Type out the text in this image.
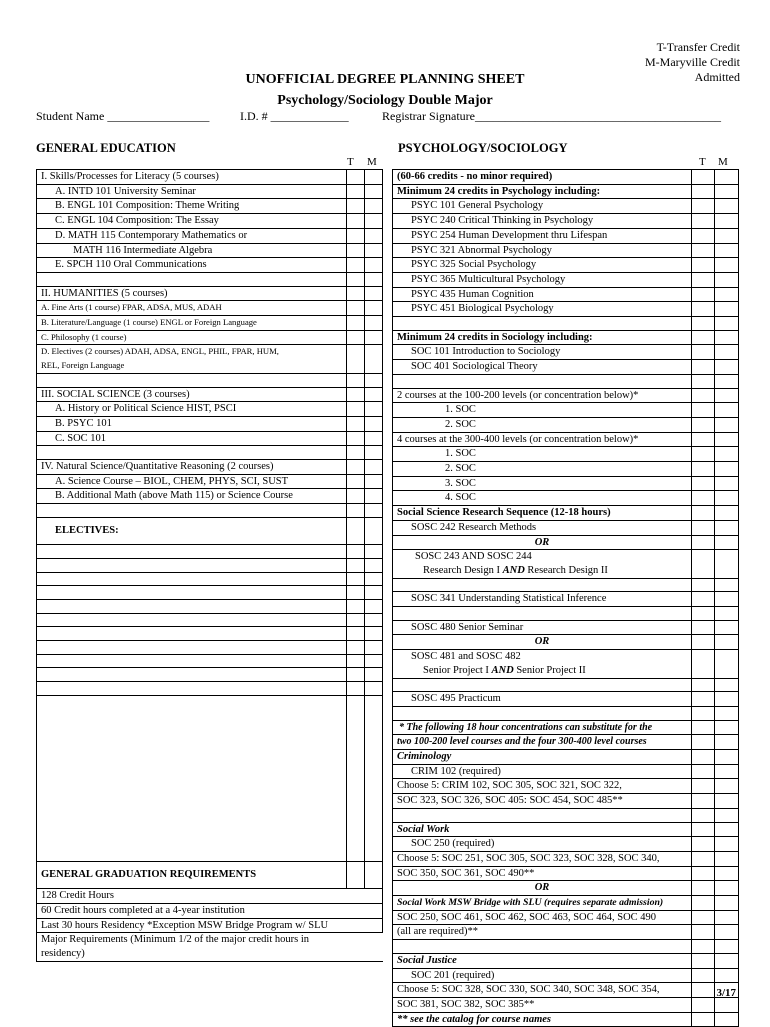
T-Transfer Credit
M-Maryville Credit
Admitted
UNOFFICIAL DEGREE PLANNING SHEET
Psychology/Sociology Double Major
Student Name _________________	I.D. # _____________	Registrar Signature_________________________________________
GENERAL EDUCATION
T M
PSYCHOLOGY/SOCIOLOGY
T M
I. Skills/Processes for Literacy (5 courses)		
A. INTD 101 University Seminar		
B. ENGL 101 Composition: Theme Writing		
C. ENGL 104 Composition: The Essay		
D. MATH 115 Contemporary Mathematics or		
MATH 116 Intermediate Algebra		
E. SPCH 110 Oral Communications		

II. HUMANITIES (5 courses)		
A. Fine Arts (1 course) FPAR, ADSA, MUS, ADAH		
B. Literature/Language (1 course) ENGL or Foreign Language		
C. Philosophy (1 course)		

D. Electives (2 courses) ADAH, ADSA, ENGL, PHIL, FPAR, HUM,
REL, Foreign Language		

III. SOCIAL SCIENCE (3 courses)		
A. History or Political Science HIST, PSCI		
B. PSYC 101		
C. SOC 101		

IV. Natural Science/Quantitative Reasoning (2 courses)		
A. Science Course – BIOL, CHEM, PHYS, SCI, SUST		
B. Additional Math (above Math 115) or Science Course		

ELECTIVES:		

GENERAL GRADUATION REQUIREMENTS		
128 Credit Hours		
60 Credit hours completed at a 4-year institution		
Last 30 hours Residency *Exception MSW Bridge Program w/ SLU		

Major Requirements (Minimum 1/2 of the major credit hours in
residency)		
(60-66 credits - no minor required)		
Minimum 24 credits in Psychology including:		
PSYC 101 General Psychology		
PSYC 240 Critical Thinking in Psychology		
PSYC 254 Human Development thru Lifespan		
PSYC 321 Abnormal Psychology		
PSYC 325 Social Psychology		
PSYC 365 Multicultural Psychology		
PSYC 435 Human Cognition		
PSYC 451 Biological Psychology		

Minimum 24 credits in Sociology including:		
SOC 101 Introduction to Sociology		
SOC 401 Sociological Theory		

2 courses at the 100-200 levels (or concentration below)*		
1. SOC		
2. SOC		
4 courses at the 300-400 levels (or concentration below)*		
1. SOC		
2. SOC		
3. SOC		
4. SOC		
Social Science Research Sequence (12-18 hours)		
SOSC 242 Research Methods		
OR		

SOSC 243 AND SOSC 244
Research Design I AND Research Design II		

SOSC 341 Understanding Statistical Inference		

SOSC 480 Senior Seminar		
OR		

SOSC 481 and SOSC 482
Senior Project I AND Senior Project II		

SOSC 495 Practicum		

* The following 18 hour concentrations can substitute for the		
two 100-200 level courses and the four 300-400 level courses		
Criminology		
CRIM 102 (required)		
Choose 5: CRIM 102, SOC 305, SOC 321, SOC 322,		
SOC 323, SOC 326, SOC 405: SOC 454, SOC 485**		

Social Work		
SOC 250 (required)		
Choose 5: SOC 251, SOC 305, SOC 323, SOC 328, SOC 340,		
SOC 350, SOC 361, SOC 490**		
OR		
Social Work MSW Bridge with SLU (requires separate admission)		
SOC 250, SOC 461, SOC 462, SOC 463, SOC 464, SOC 490		
(all are required)**		

Social Justice		
SOC 201 (required)		
Choose 5: SOC 328, SOC 330, SOC 340, SOC 348, SOC 354,		
SOC 381, SOC 382, SOC 385**		
** see the catalog for course names		
3/17
